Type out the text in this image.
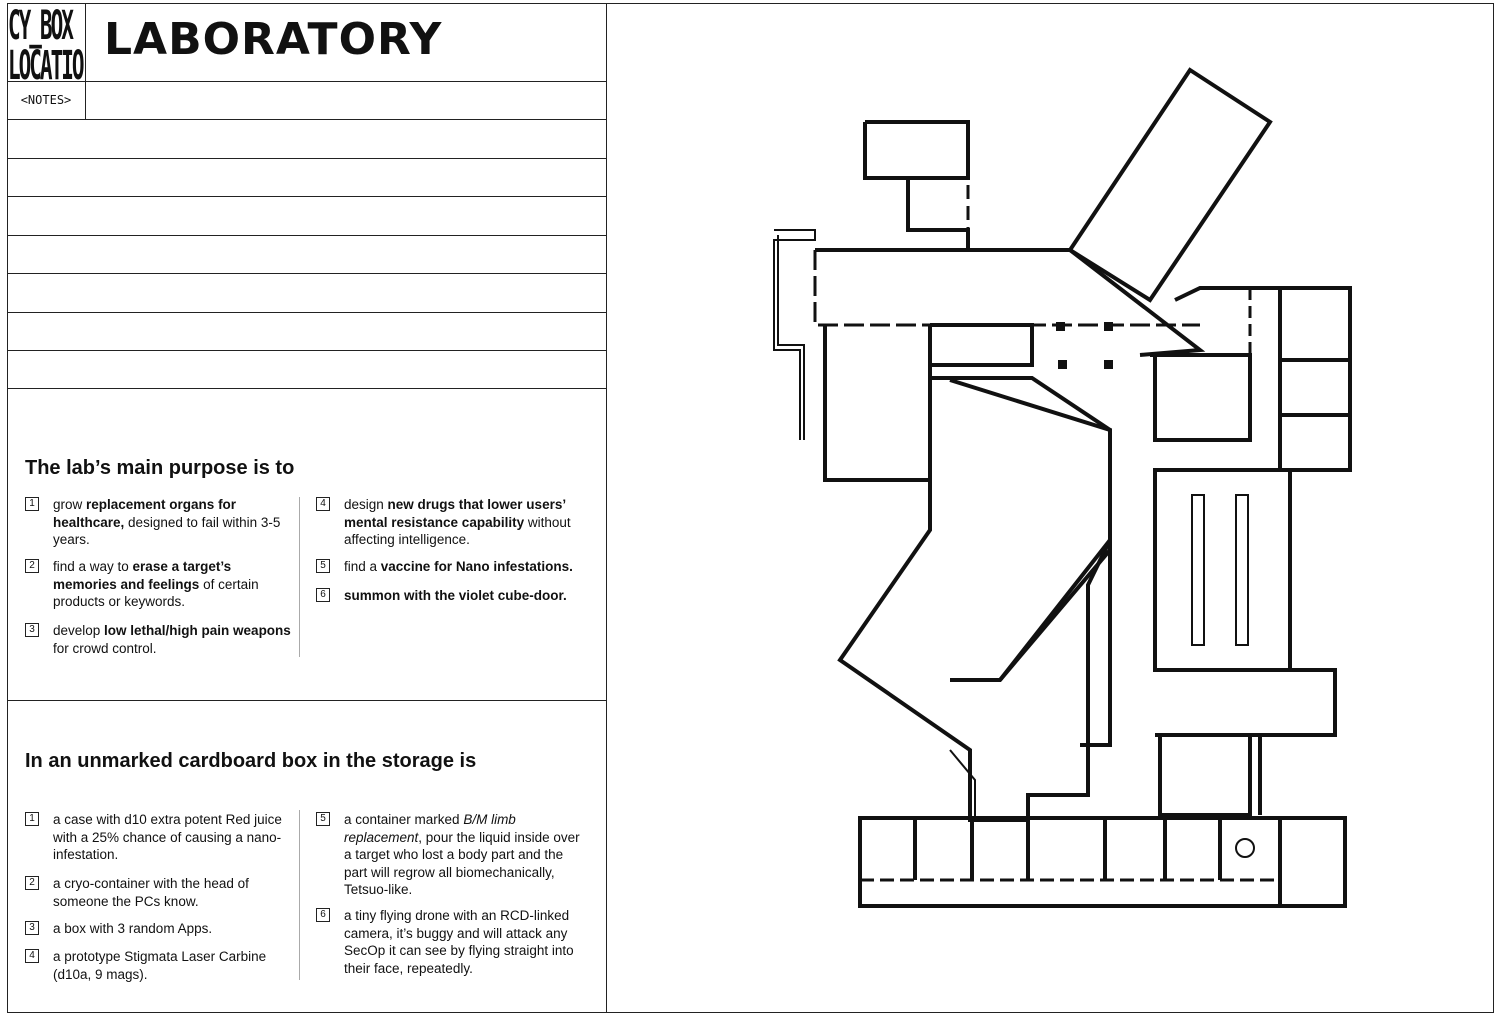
CY_BOX
LOCATIO
LABORATORY
<NOTES>
The lab’s main purpose is to
1	grow replacement organs for healthcare, designed to fail within 3-5 years.
2	find a way to erase a target’s memories and feelings of certain products or keywords.
3	develop low lethal/high pain weapons for crowd control.
4	design new drugs that lower users’ mental resistance capability without affecting intelligence.
5	find a vaccine for Nano infestations.
6	summon with the violet cube-door.
In an unmarked cardboard box in the storage is
1	a case with d10 extra potent Red juice with a 25% chance of causing a nano-infestation.
2	a cryo-container with the head of someone the PCs know.
3	a box with 3 random Apps.
4	a prototype Stigmata Laser Carbine (d10a, 9 mags).
5	a container marked B/M limb replacement, pour the liquid inside over a target who lost a body part and the part will regrow all biomechanically, Tetsuo-like.
6	a tiny flying drone with an RCD-linked camera, it’s buggy and will attack any SecOp it can see by flying straight into their face, repeatedly.
